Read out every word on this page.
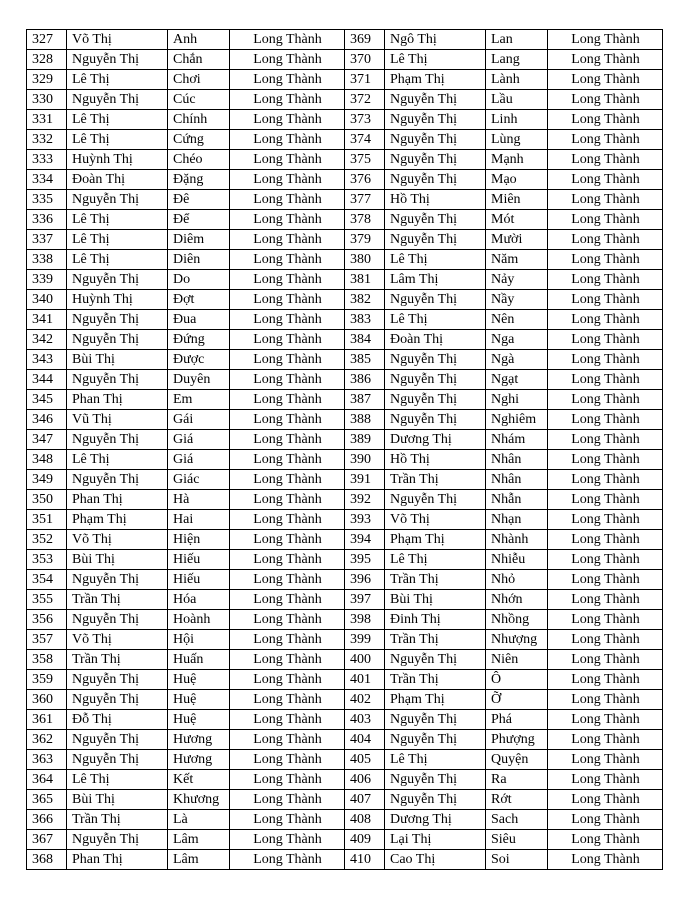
327	Võ Thị	Anh	Long Thành	369	Ngô Thị	Lan	Long Thành
328	Nguyễn Thị	Chắn	Long Thành	370	Lê Thị	Lang	Long Thành
329	Lê Thị	Chơi	Long Thành	371	Phạm Thị	Lành	Long Thành
330	Nguyễn Thị	Cúc	Long Thành	372	Nguyễn Thị	Lầu	Long Thành
331	Lê Thị	Chính	Long Thành	373	Nguyễn Thị	Linh	Long Thành
332	Lê Thị	Cứng	Long Thành	374	Nguyễn Thị	Lùng	Long Thành
333	Huỳnh Thị	Chéo	Long Thành	375	Nguyễn Thị	Mạnh	Long Thành
334	Đoàn Thị	Đặng	Long Thành	376	Nguyễn Thị	Mạo	Long Thành
335	Nguyễn Thị	Đê	Long Thành	377	Hồ Thị	Miên	Long Thành
336	Lê Thị	Để	Long Thành	378	Nguyễn Thị	Mót	Long Thành
337	Lê Thị	Diêm	Long Thành	379	Nguyễn Thị	Mười	Long Thành
338	Lê Thị	Diên	Long Thành	380	Lê Thị	Năm	Long Thành
339	Nguyễn Thị	Do	Long Thành	381	Lâm Thị	Nảy	Long Thành
340	Huỳnh Thị	Đợt	Long Thành	382	Nguyễn Thị	Nầy	Long Thành
341	Nguyễn Thị	Đua	Long Thành	383	Lê Thị	Nên	Long Thành
342	Nguyễn Thị	Đứng	Long Thành	384	Đoàn Thị	Nga	Long Thành
343	Bùi Thị	Được	Long Thành	385	Nguyễn Thị	Ngà	Long Thành
344	Nguyễn Thị	Duyên	Long Thành	386	Nguyễn Thị	Ngạt	Long Thành
345	Phan Thị	Em	Long Thành	387	Nguyễn Thị	Nghi	Long Thành
346	Vũ Thị	Gái	Long Thành	388	Nguyễn Thị	Nghiêm	Long Thành
347	Nguyễn Thị	Giá	Long Thành	389	Dương Thị	Nhám	Long Thành
348	Lê Thị	Giá	Long Thành	390	Hồ Thị	Nhân	Long Thành
349	Nguyễn Thị	Giác	Long Thành	391	Trần Thị	Nhân	Long Thành
350	Phan Thị	Hà	Long Thành	392	Nguyễn Thị	Nhẫn	Long Thành
351	Phạm Thị	Hai	Long Thành	393	Võ Thị	Nhạn	Long Thành
352	Võ Thị	Hiện	Long Thành	394	Phạm Thị	Nhành	Long Thành
353	Bùi Thị	Hiếu	Long Thành	395	Lê Thị	Nhiễu	Long Thành
354	Nguyễn Thị	Hiếu	Long Thành	396	Trần Thị	Nhỏ	Long Thành
355	Trần Thị	Hóa	Long Thành	397	Bùi Thị	Nhớn	Long Thành
356	Nguyễn Thị	Hoành	Long Thành	398	Đinh Thị	Nhồng	Long Thành
357	Võ Thị	Hội	Long Thành	399	Trần Thị	Nhượng	Long Thành
358	Trần Thị	Huấn	Long Thành	400	Nguyễn Thị	Niên	Long Thành
359	Nguyễn Thị	Huệ	Long Thành	401	Trần Thị	Ô	Long Thành
360	Nguyễn Thị	Huệ	Long Thành	402	Phạm Thị	Ỡ	Long Thành
361	Đỗ Thị	Huệ	Long Thành	403	Nguyễn Thị	Phá	Long Thành
362	Nguyễn Thị	Hương	Long Thành	404	Nguyễn Thị	Phượng	Long Thành
363	Nguyễn Thị	Hương	Long Thành	405	Lê Thị	Quyện	Long Thành
364	Lê Thị	Kết	Long Thành	406	Nguyễn Thị	Ra	Long Thành
365	Bùi Thị	Khương	Long Thành	407	Nguyễn Thị	Rớt	Long Thành
366	Trần Thị	Là	Long Thành	408	Dương Thị	Sach	Long Thành
367	Nguyễn Thị	Lâm	Long Thành	409	Lại Thị	Siêu	Long Thành
368	Phan Thị	Lâm	Long Thành	410	Cao Thị	Soi	Long Thành
